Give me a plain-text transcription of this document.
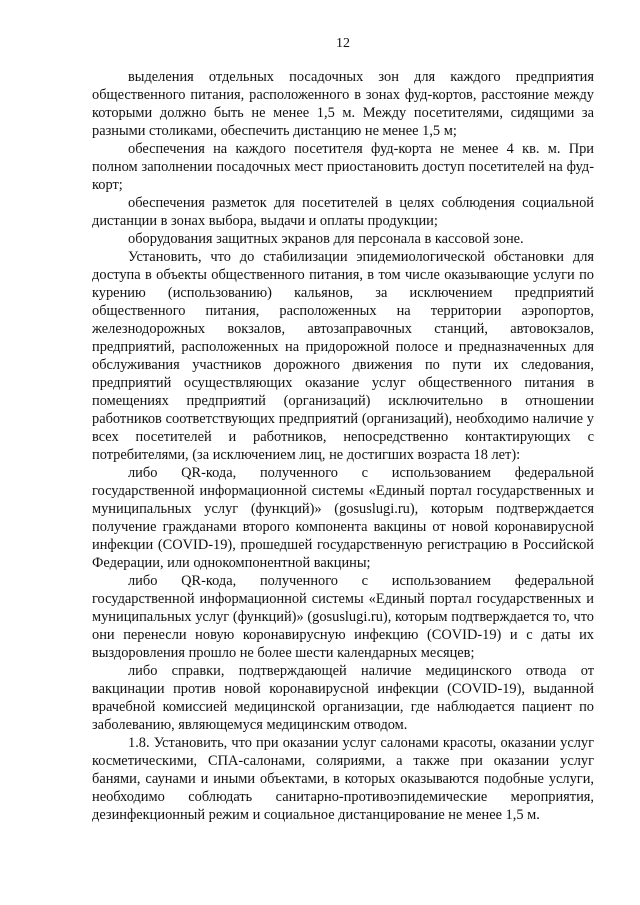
12

выделения отдельных посадочных зон для каждого предприятия общественного питания, расположенного в зонах фуд-кортов, расстояние между которыми должно быть не менее 1,5 м. Между посетителями, сидящими за разными столиками, обеспечить дистанцию не менее 1,5 м;

обеспечения на каждого посетителя фуд-корта не менее 4 кв. м. При полном заполнении посадочных мест приостановить доступ посетителей на фуд-корт;

обеспечения разметок для посетителей в целях соблюдения социальной дистанции в зонах выбора, выдачи и оплаты продукции;

оборудования защитных экранов для персонала в кассовой зоне.

Установить, что до стабилизации эпидемиологической обстановки для доступа в объекты общественного питания, в том числе оказывающие услуги по курению (использованию) кальянов, за исключением предприятий общественного питания, расположенных на территории аэропортов, железнодорожных вокзалов, автозаправочных станций, автовокзалов, предприятий, расположенных на придорожной полосе и предназначенных для обслуживания участников дорожного движения по пути их следования, предприятий осуществляющих оказание услуг общественного питания в помещениях предприятий (организаций) исключительно в отношении работников соответствующих предприятий (организаций), необходимо наличие у всех посетителей и работников, непосредственно контактирующих с потребителями, (за исключением лиц, не достигших возраста 18 лет):

либо QR-кода, полученного с использованием федеральной государственной информационной системы «Единый портал государственных и муниципальных услуг (функций)» (gosuslugi.ru), которым подтверждается получение гражданами второго компонента вакцины от новой коронавирусной инфекции (COVID-19), прошедшей государственную регистрацию в Российской Федерации, или однокомпонентной вакцины;

либо QR-кода, полученного с использованием федеральной государственной информационной системы «Единый портал государственных и муниципальных услуг (функций)» (gosuslugi.ru), которым подтверждается то, что они перенесли новую коронавирусную инфекцию (COVID-19) и с даты их выздоровления прошло не более шести календарных месяцев;

либо справки, подтверждающей наличие медицинского отвода от вакцинации против новой коронавирусной инфекции (COVID-19), выданной врачебной комиссией медицинской организации, где наблюдается пациент по заболеванию, являющемуся медицинским отводом.

1.8. Установить, что при оказании услуг салонами красоты, оказании услуг косметическими, СПА-салонами, соляриями, а также при оказании услуг банями, саунами и иными объектами, в которых оказываются подобные услуги, необходимо соблюдать санитарно-противоэпидемические мероприятия, дезинфекционный режим и социальное дистанцирование не менее 1,5 м.
